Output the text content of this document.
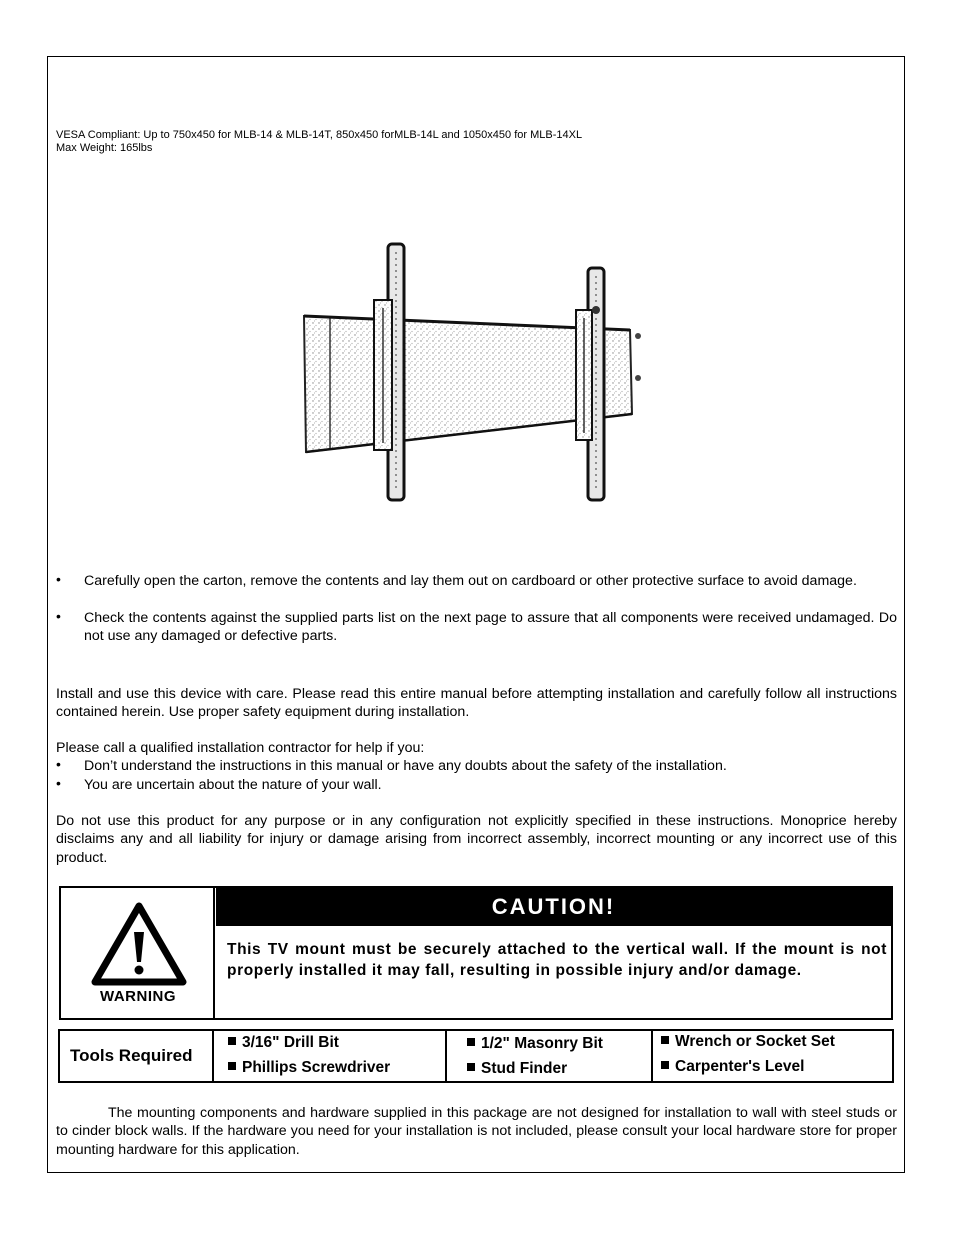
VESA Compliant: Up to 750x450 for MLB-14 & MLB-14T, 850x450 forMLB-14L and 1050x450 for MLB-14XL
Max Weight: 165lbs
• Carefully open the carton, remove the contents and lay them out on cardboard or other protective surface to avoid damage.
• Check the contents against the supplied parts list on the next page to assure that all components were received undamaged. Do not use any damaged or defective parts.
Install and use this device with care. Please read this entire manual before attempting installation and carefully follow all instructions contained herein. Use proper safety equipment during installation.
Please call a qualified installation contractor for help if you:
• Don’t understand the instructions in this manual or have any doubts about the safety of the installation.
• You are uncertain about the nature of your wall.
Do not use this product for any purpose or in any configuration not explicitly specified in these instructions. Monoprice hereby disclaims any and all liability for injury or damage arising from incorrect assembly, incorrect mounting or any incorrect use of this product.
WARNING
CAUTION!
This TV mount must be securely attached to the vertical wall. If the mount is not properly installed it may fall, resulting in possible injury and/or damage.
Tools Required
3/16" Drill Bit
Phillips Screwdriver
1/2" Masonry Bit
Stud Finder
Wrench or Socket Set
Carpenter's Level
The mounting components and hardware supplied in this package are not designed for installation to wall with steel studs or to cinder block walls. If the hardware you need for your installation is not included, please consult your local hardware store for proper mounting hardware for this application.
